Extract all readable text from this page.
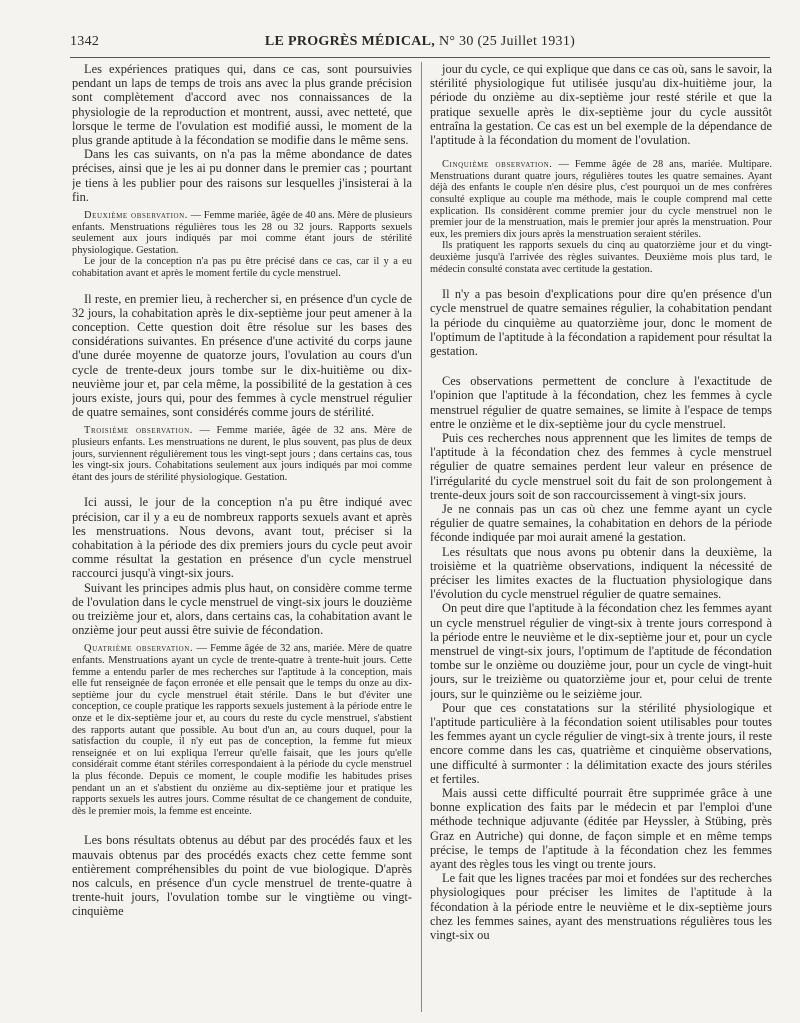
1342	LE PROGRÈS MÉDICAL, N° 30 (25 Juillet 1931)

Les expériences pratiques qui, dans ce cas, sont poursuivies pendant un laps de temps de trois ans avec la plus grande précision sont complètement d'accord avec nos connaissances de la physiologie de la reproduction et montrent, aussi, avec netteté, que lorsque le terme de l'ovulation est modifié aussi, le moment de la plus grande aptitude à la fécondation se modifie dans le même sens.

Dans les cas suivants, on n'a pas la même abondance de dates précises, ainsi que je les ai pu donner dans le premier cas ; pourtant je tiens à les publier pour des raisons sur lesquelles j'insisterai à la fin.

Deuxième observation. — Femme mariée, âgée de 40 ans. Mère de plusieurs enfants. Menstruations régulières tous les 28 ou 32 jours. Rapports sexuels seulement aux jours indiqués par moi comme étant jours de stérilité physiologique. Gestation.

Le jour de la conception n'a pas pu être précisé dans ce cas, car il y a eu cohabitation avant et après le moment fertile du cycle menstruel.

Il reste, en premier lieu, à rechercher si, en présence d'un cycle de 32 jours, la cohabitation après le dix-septième jour peut amener à la conception. Cette question doit être résolue sur les bases des considérations suivantes. En présence d'une activité du corps jaune d'une durée moyenne de quatorze jours, l'ovulation au cours d'un cycle de trente-deux jours tombe sur le dix-huitième ou dix-neuvième jour et, par cela même, la possibilité de la gestation à ces jours existe, jours qui, pour des femmes à cycle menstruel régulier de quatre semaines, sont considérés comme jours de stérilité.

Troisième observation. — Femme mariée, âgée de 32 ans. Mère de plusieurs enfants. Les menstruations ne durent, le plus souvent, pas plus de deux jours, surviennent régulièrement tous les vingt-sept jours ; dans certains cas, tous les vingt-six jours. Cohabitations seulement aux jours indiqués par moi comme étant des jours de stérilité physiologique. Gestation.

Ici aussi, le jour de la conception n'a pu être indiqué avec précision, car il y a eu de nombreux rapports sexuels avant et après les menstruations. Nous devons, avant tout, préciser si la cohabitation à la période des dix premiers jours du cycle peut avoir comme résultat la gestation en présence d'un cycle menstruel raccourci jusqu'à vingt-six jours.

Suivant les principes admis plus haut, on considère comme terme de l'ovulation dans le cycle menstruel de vingt-six jours le douzième ou treizième jour et, alors, dans certains cas, la cohabitation avant le onzième jour peut aussi être suivie de fécondation.

Quatrième observation. — Femme âgée de 32 ans, mariée. Mère de quatre enfants. Menstruations ayant un cycle de trente-quatre à trente-huit jours. Cette femme a entendu parler de mes recherches sur l'aptitude à la conception, mais elle fut renseignée de façon erronée et elle pensait que le temps du onze au dix-septième jour du cycle menstruel était stérile. Dans le but d'éviter une conception, ce couple pratique les rapports sexuels justement à la période entre le onze et le dix-septième jour et, au cours du reste du cycle menstruel, s'abstient des rapports autant que possible. Au bout d'un an, au cours duquel, pour la satisfaction du couple, il n'y eut pas de conception, la femme fut mieux renseignée et on lui expliqua l'erreur qu'elle faisait, que les jours qu'elle considérait comme étant stériles correspondaient à la période du cycle menstruel la plus féconde. Depuis ce moment, le couple modifie les habitudes prises pendant un an et s'abstient du onzième au dix-septième jour et pratique les rapports sexuels les autres jours. Comme résultat de ce changement de conduite, dès le premier mois, la femme est enceinte.

Les bons résultats obtenus au début par des procédés faux et les mauvais obtenus par des procédés exacts chez cette femme sont entièrement compréhensibles du point de vue biologique. D'après nos calculs, en présence d'un cycle menstruel de trente-quatre à trente-huit jours, l'ovulation tombe sur le vingtième ou vingt-cinquième

jour du cycle, ce qui explique que dans ce cas où, sans le savoir, la stérilité physiologique fut utilisée jusqu'au dix-huitième jour, la période du onzième au dix-septième jour resté stérile et que la pratique sexuelle après le dix-septième jour du cycle aussitôt entraîna la gestation. Ce cas est un bel exemple de la dépendance de l'aptitude à la fécondation du moment de l'ovulation.

Cinquième observation. — Femme âgée de 28 ans, mariée. Multipare. Menstruations durant quatre jours, régulières toutes les quatre semaines. Ayant déjà des enfants le couple n'en désire plus, c'est pourquoi un de mes confrères consulté explique au couple ma méthode, mais le couple comprend mal cette explication. Ils considèrent comme premier jour du cycle menstruel non le premier jour de la menstruation, mais le premier jour après la menstruation. Pour eux, les premiers dix jours après la menstruation seraient stériles.

Ils pratiquent les rapports sexuels du cinq au quatorzième jour et du vingt-deuxième jusqu'à l'arrivée des règles suivantes. Deuxième mois plus tard, le médecin consulté constata avec certitude la gestation.

Il n'y a pas besoin d'explications pour dire qu'en présence d'un cycle menstruel de quatre semaines régulier, la cohabitation pendant la période du cinquième au quatorzième jour, donc le moment de l'optimum de l'aptitude à la fécondation a rapidement pour résultat la gestation.

Ces observations permettent de conclure à l'exactitude de l'opinion que l'aptitude à la fécondation, chez les femmes à cycle menstruel régulier de quatre semaines, se limite à l'espace de temps entre le onzième et le dix-septième jour du cycle menstruel.

Puis ces recherches nous apprennent que les limites de temps de l'aptitude à la fécondation chez des femmes à cycle menstruel régulier de quatre semaines perdent leur valeur en présence de l'irrégularité du cycle menstruel soit du fait de son prolongement à trente-deux jours soit de son raccourcissement à vingt-six jours.

Je ne connais pas un cas où chez une femme ayant un cycle régulier de quatre semaines, la cohabitation en dehors de la période féconde indiquée par moi aurait amené la gestation.

Les résultats que nous avons pu obtenir dans la deuxième, la troisième et la quatrième observations, indiquent la nécessité de préciser les limites exactes de la fluctuation physiologique dans l'évolution du cycle menstruel régulier de quatre semaines.

On peut dire que l'aptitude à la fécondation chez les femmes ayant un cycle menstruel régulier de vingt-six à trente jours correspond à la période entre le neuvième et le dix-septième jour et, pour un cycle menstruel de vingt-six jours, l'optimum de l'aptitude de fécondation tombe sur le onzième ou douzième jour, pour un cycle de vingt-huit jours, sur le treizième ou quatorzième jour et, pour celui de trente jours, sur le quinzième ou le seizième jour.

Pour que ces constatations sur la stérilité physiologique et l'aptitude particulière à la fécondation soient utilisables pour toutes les femmes ayant un cycle régulier de vingt-six à trente jours, il reste encore comme dans les cas, quatrième et cinquième observations, une difficulté à surmonter : la délimitation exacte des jours stériles et fertiles.

Mais aussi cette difficulté pourrait être supprimée grâce à une bonne explication des faits par le médecin et par l'emploi d'une méthode technique adjuvante (éditée par Heyssler, à Stübing, près Graz en Autriche) qui donne, de façon simple et en même temps précise, le temps de l'aptitude à la fécondation chez les femmes ayant des règles tous les vingt ou trente jours.

Le fait que les lignes tracées par moi et fondées sur des recherches physiologiques pour préciser les limites de l'aptitude à la fécondation à la période entre le neuvième et le dix-septième jours chez les femmes saines, ayant des menstruations régulières tous les vingt-six ou
